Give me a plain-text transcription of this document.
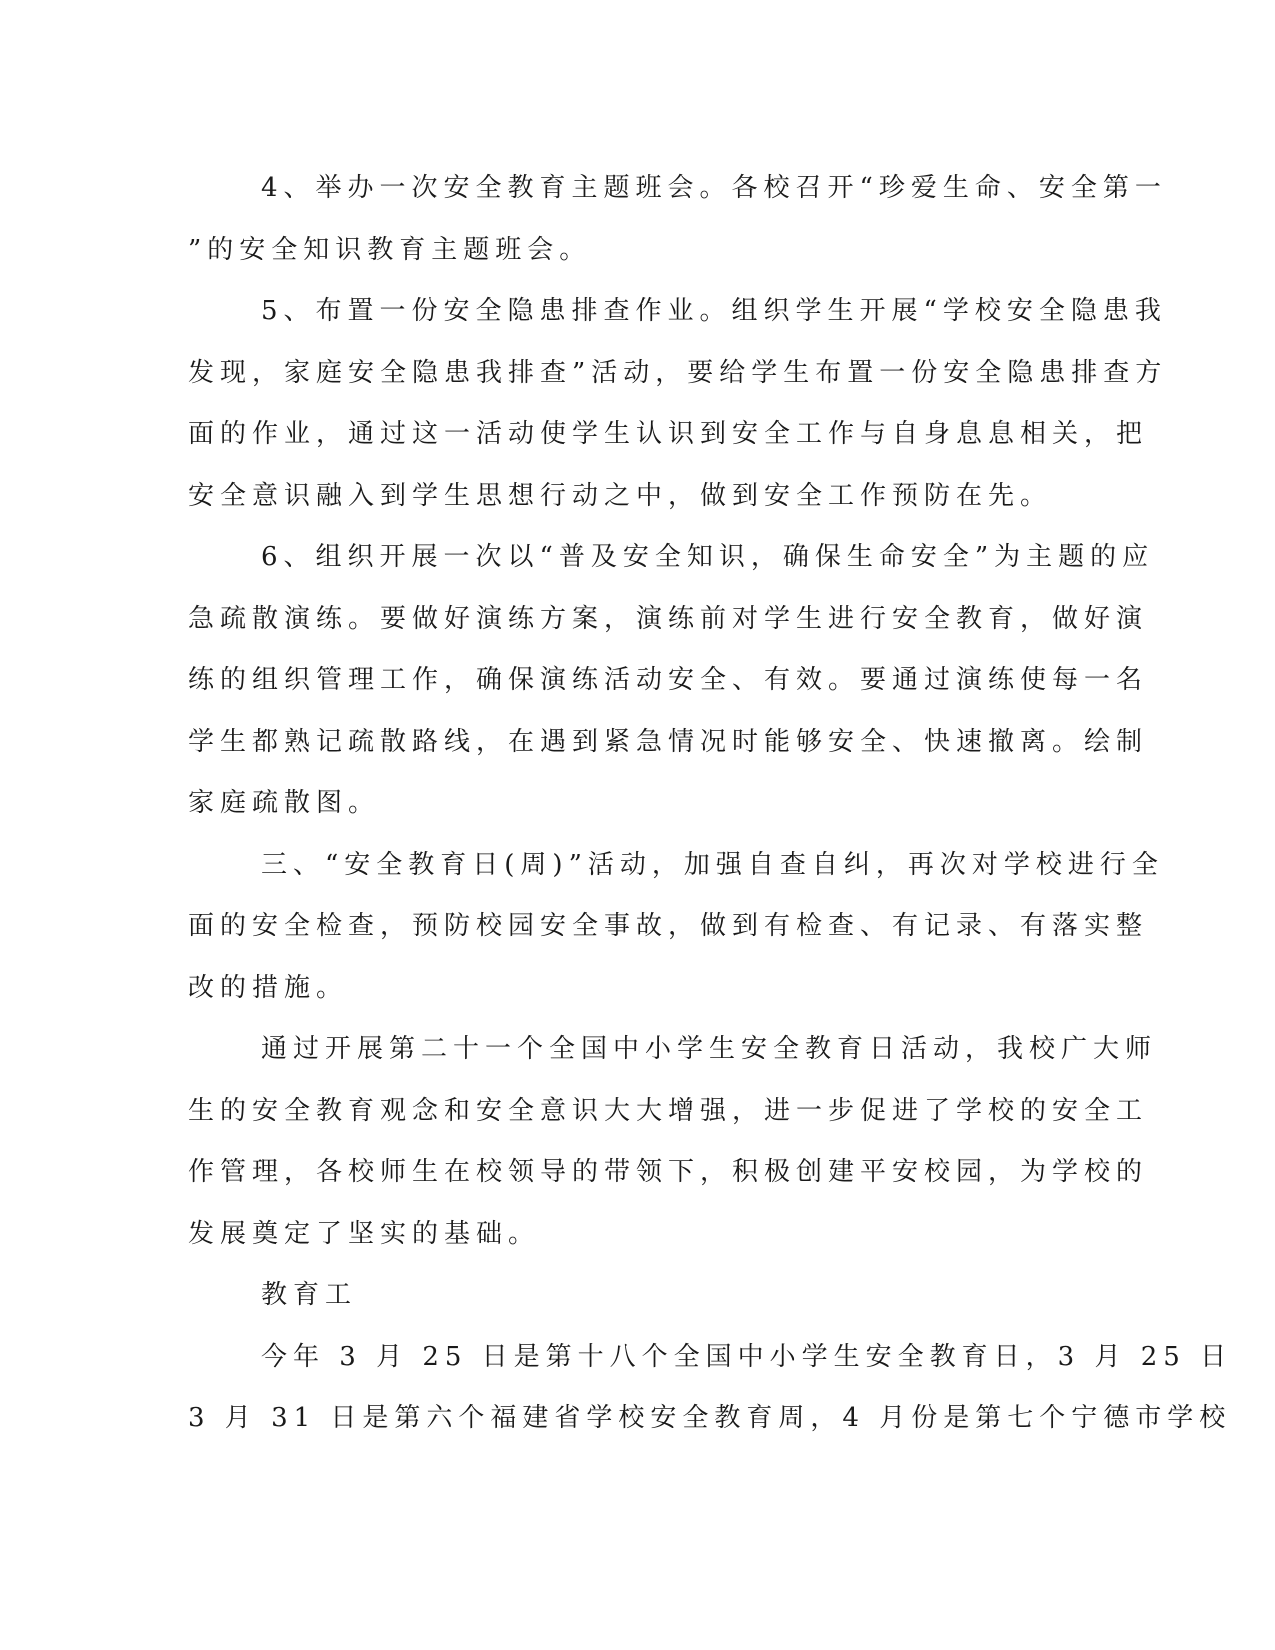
4、举办一次安全教育主题班会。各校召开“珍爱生命、安全第一
”的安全知识教育主题班会。
5、布置一份安全隐患排查作业。组织学生开展“学校安全隐患我
发现，家庭安全隐患我排查”活动，要给学生布置一份安全隐患排查方
面的作业，通过这一活动使学生认识到安全工作与自身息息相关，把
安全意识融入到学生思想行动之中，做到安全工作预防在先。
6、组织开展一次以“普及安全知识，确保生命安全”为主题的应
急疏散演练。要做好演练方案，演练前对学生进行安全教育，做好演
练的组织管理工作，确保演练活动安全、有效。要通过演练使每一名
学生都熟记疏散路线，在遇到紧急情况时能够安全、快速撤离。绘制
家庭疏散图。
三、“安全教育日(周)”活动，加强自查自纠，再次对学校进行全
面的安全检查，预防校园安全事故，做到有检查、有记录、有落实整
改的措施。
通过开展第二十一个全国中小学生安全教育日活动，我校广大师
生的安全教育观念和安全意识大大增强，进一步促进了学校的安全工
作管理，各校师生在校领导的带领下，积极创建平安校园，为学校的
发展奠定了坚实的基础。
教育工
今年 3 月 25 日是第十八个全国中小学生安全教育日，3 月 25 日
3 月 31 日是第六个福建省学校安全教育周，4 月份是第七个宁德市学校
